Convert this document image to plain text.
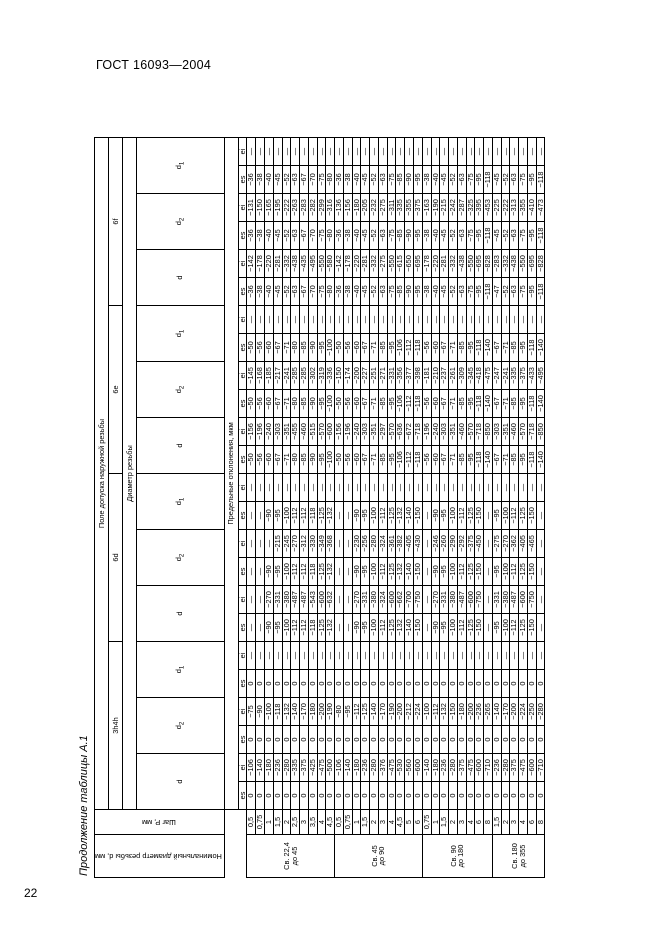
ГОСТ 16093—2004
22
Продолжение таблицы А.1 Номинальный диаметр резьбы d, мм	Шаг P, мм	Поле допуска наружной резьбы																							
		3h4h						6d						6e						6f					
		Диаметр резьбы																							
		d		$d_2$		$d_1$		d		$d_2$		$d_1$		d		$d_2$		$d_1$		d		$d_2$		$d_1$
		Предельные отклонения, мкм																							
		es	ei	es	ei	es	ei	es	ei	es	ei	es	ei	es	ei	es	ei	es	ei	es	ei	es	ei	es	ei
Св. 22,4
до 45	0,5	0	−106	0	−75	0	—	—	—	—	—	—	—	−50	−156	−50	−145	−50	—	−36	−142	−36	−131	−36	—
	0,75	0	−140	0	−90	0	—	—	—	—	—	—	—	−56	−196	−56	−168	−56	—	−38	−178	−38	−150	−38	—
	1	0	−180	0	−100	0	—	−90	−270	−90	—	−90	—	−60	−240	−60	−185	−60	—	−40	−220	−40	−165	−40	—
	1,5	0	−236	0	−118	0	—	−95	−331	−95	−215	−95	—	−67	−303	−67	−217	−67	—	−45	−281	−45	−195	−45	—
	2	0	−280	0	−132	0	—	−100	−380	−100	−245	−100	—	−71	−351	−71	−241	−71	—	−52	−332	−52	−222	−52	—
	2,5	0	−335	0	−140	0	—	−112	−487	−112	−270	−112	—	−80	−455	−80	−285	−80	—	−63	−438	−63	−263	−63	—
	3	0	−375	0	−170	0	—	−112	−487	−112	−312	−112	—	−85	−460	−85	−285	−85	—	−67	−435	−67	−283	−67	—
	3,5	0	−425	0	−180	0	—	−118	−543	−118	−330	−118	—	−90	−515	−90	−302	−90	—	−70	−495	−70	−282	−70	—
	4	0	−475	0	−200	0	—	−125	−600	−125	−349	−125	—	−95	−570	−95	−319	−95	—	−75	−550	−75	−299	−75	—
	4,5	0	−500	0	−190	0	—	−132	−632	−132	−368	−132	—	−100	−600	−100	−336	−100	—	−80	−580	−80	−316	−80	—
Св. 45
до 90	0,5	0	−106	0	−80	0	—	—	—	—	—	—	—	−50	−156	−50	−150	−50	—	−36	−142	−36	−136	−36	—
	0,75	0	−140	0	−95	0	—	—	—	—	—	—	—	−56	−196	−56	−174	−56	—	−38	−178	−38	−156	−38	—
	1	0	−180	0	−112	0	—	−90	−270	−90	−230	−90	—	−60	−240	−60	−200	−60	—	−40	−220	−40	−180	−40	—
	1,5	0	−236	0	−125	0	—	−95	−331	−95	−256	−95	—	−67	−303	−67	−227	−67	—	−45	−281	−45	−205	−45	—
	2	0	−280	0	−140	0	—	−100	−380	−100	−280	−100	—	−71	−351	−71	−251	−71	—	−52	−332	−52	−232	−52	—
	3	0	−376	0	−170	0	—	−112	−324	−112	−324	−112	—	−85	−297	−85	−271	−85	—	−63	−275	−63	−275	−63	—
	4	0	−475	0	−190	0	—	−125	−600	−125	−361	−125	—	−95	−570	−95	−331	−95	—	−75	−550	−75	−311	−75	—
	4,5	0	−530	0	−200	0	—	−132	−662	−132	−382	−132	—	−106	−636	−106	−356	−106	—	−85	−615	−85	−335	−85	—
	5	0	−560	0	−212	0	—	−140	−700	−140	−405	−140	—	−112	−672	−112	−377	−112	—	−90	−650	−90	−355	−90	—
	6	0	−600	0	−224	0	—	−150	−750	−150	−430	−150	—	−118	−718	−118	−398	−118	—	−95	−695	−95	−375	−95	—
Св. 90
до 180	0,75	0	−140	0	−100	0	—	—	—	—	—	—	—	−56	−196	−56	−181	−56	—	−38	−178	−38	−163	−38	—
	1	0	−180	0	−112	0	—	−90	−270	−90	−246	−90	—	−60	−240	−60	−210	−60	—	−40	−220	−40	−190	−40	—
	1,5	0	−236	0	−132	0	—	−95	−331	−95	−260	−95	—	−67	−303	−67	−237	−67	—	−45	−281	−45	−215	−45	—
	2	0	−280	0	−150	0	—	−100	−380	−100	−290	−100	—	−71	−351	−71	−261	−71	—	−52	−332	−52	−242	−52	—
	3	0	−375	0	−180	0	—	−112	−487	−112	−292	−112	—	−85	−460	−85	−309	−85	—	−63	−438	−63	−287	−63	—
	4	0	−475	0	−200	0	—	−125	−600	−125	−375	−125	—	−95	−570	−95	−345	−95	—	−75	−550	−75	−325	−75	—
	6	0	−600	0	−236	0	—	−150	−750	−150	−450	−150	—	−118	−718	−118	−418	−118	—	−95	−695	−95	−395	−95	—
	8	0	−710	0	−265	0	—	—	—	—	—	—	—	−140	−850	−140	−475	−140	—	−118	−828	−118	−453	−118	—
Св. 180
до 355	1,5	0	−236	0	−140	0	—	−95	−331	−95	−275	−95	—	−67	−303	−67	−247	−67	—	−47	−283	−45	−225	−45	—
	2	0	−280	0	−170	0	—	−100	−380	−100	−270	−100	—	−71	−351	−71	−241	−71	—	−52	−332	−52	−222	−52	—
	3	0	−375	0	−200	0	—	−112	−487	−112	−362	−112	—	−85	−460	−85	−335	−85	—	−63	−438	−63	−313	−63	—
	4	0	−475	0	−224	0	—	−125	−600	−125	−405	−125	—	−95	−570	−95	−375	−95	—	−75	−550	−75	−355	−75	—
	6	0	−600	0	−250	0	—	−150	−750	−150	−465	−150	—	−118	−718	−118	−433	−118	—	−95	−695	−95	−410	−95	—
	8	0	−710	0	−280	0	—	—	—	—	—	—	—	−140	−850	−140	−495	−140	—	−118	−828	−118	−473	−118	—
